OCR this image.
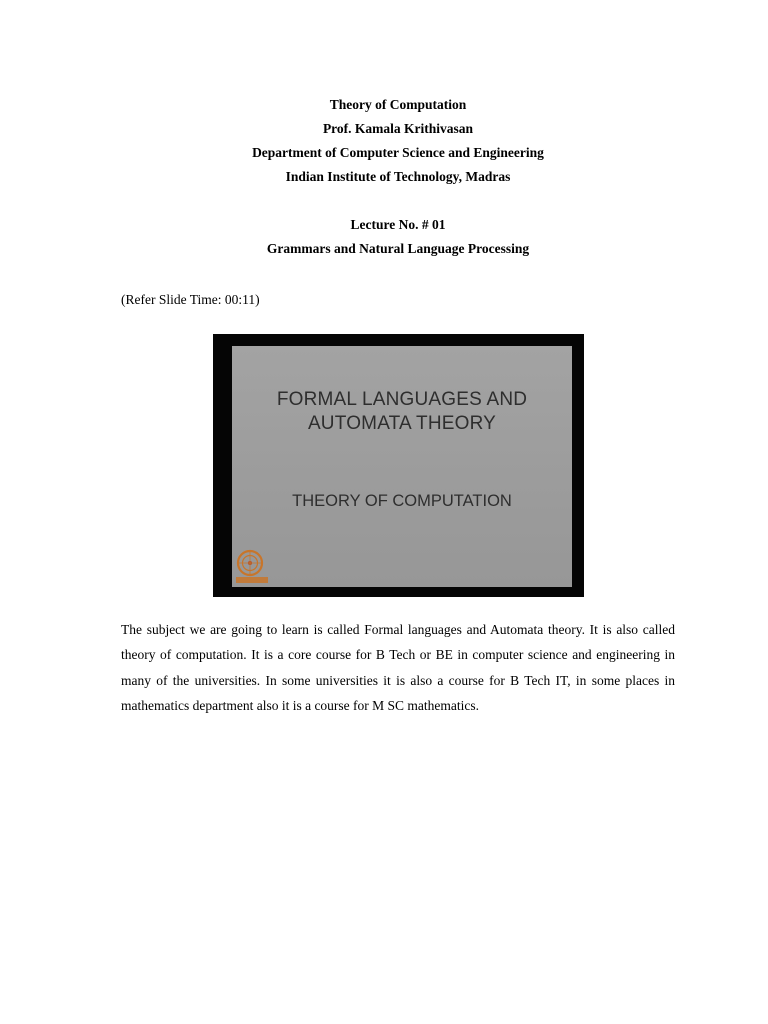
Theory of Computation
Prof. Kamala Krithivasan
Department of Computer Science and Engineering
Indian Institute of Technology, Madras
Lecture No. # 01
Grammars and Natural Language Processing
(Refer Slide Time: 00:11)
FORMAL LANGUAGES AND
AUTOMATA THEORY
THEORY OF COMPUTATION

The subject we are going to learn is called Formal languages and Automata theory. It is also called theory of computation. It is a core course for B Tech or BE in computer science and engineering in many of the universities. In some universities it is also a course for B Tech IT, in some places in mathematics department also it is a course for M SC mathematics.
